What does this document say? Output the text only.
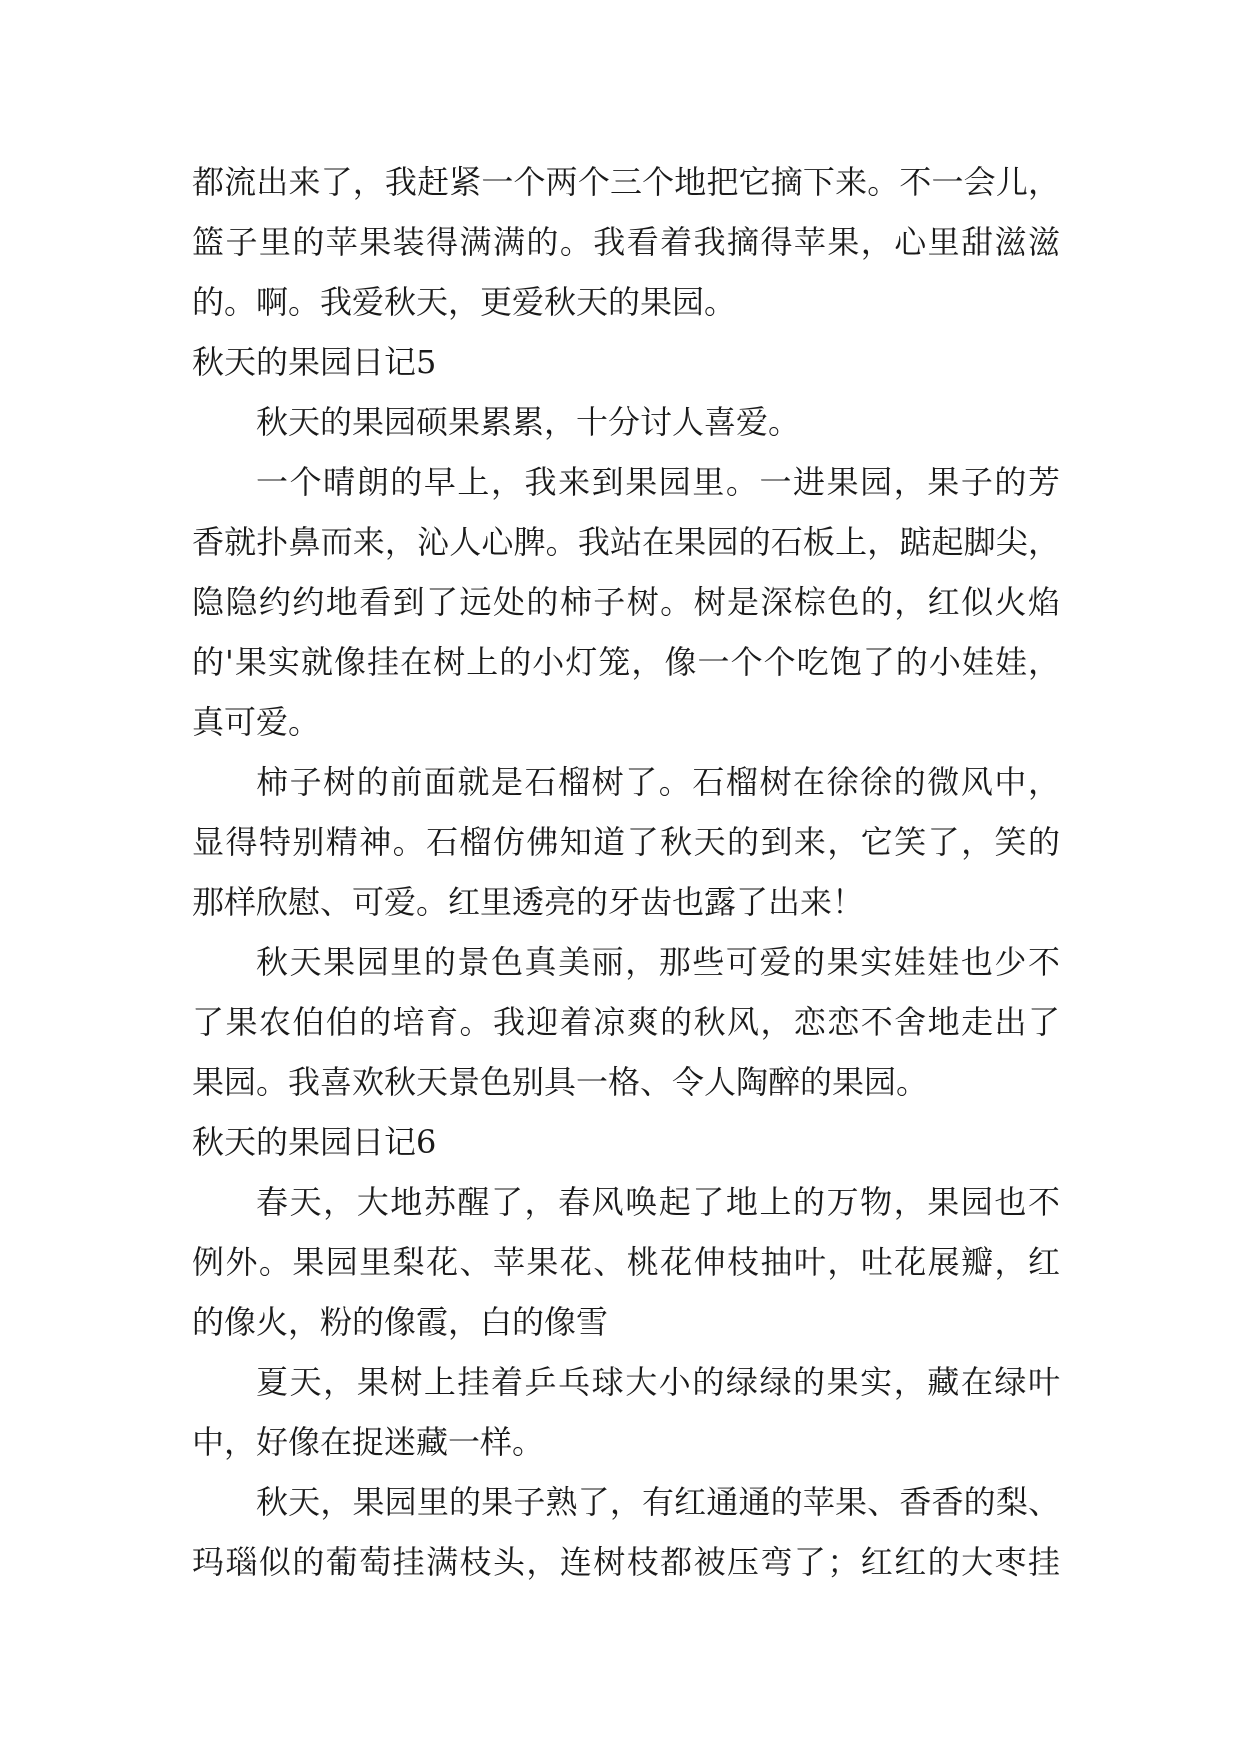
都流出来了，我赶紧一个两个三个地把它摘下来。不一会儿，
篮子里的苹果装得满满的。我看着我摘得苹果，心里甜滋滋
的。啊。我爱秋天，更爱秋天的果园。
秋天的果园日记5
秋天的果园硕果累累，十分讨人喜爱。
一个晴朗的早上，我来到果园里。一进果园，果子的芳
香就扑鼻而来，沁人心脾。我站在果园的石板上，踮起脚尖，
隐隐约约地看到了远处的柿子树。树是深棕色的，红似火焰
的'果实就像挂在树上的小灯笼，像一个个吃饱了的小娃娃，
真可爱。
柿子树的前面就是石榴树了。石榴树在徐徐的微风中，
显得特别精神。石榴仿佛知道了秋天的到来，它笑了，笑的
那样欣慰、可爱。红里透亮的牙齿也露了出来！
秋天果园里的景色真美丽，那些可爱的果实娃娃也少不
了果农伯伯的培育。我迎着凉爽的秋风，恋恋不舍地走出了
果园。我喜欢秋天景色别具一格、令人陶醉的果园。
秋天的果园日记6
春天，大地苏醒了，春风唤起了地上的万物，果园也不
例外。果园里梨花、苹果花、桃花伸枝抽叶，吐花展瓣，红
的像火，粉的像霞，白的像雪
夏天，果树上挂着乒乓球大小的绿绿的果实，藏在绿叶
中，好像在捉迷藏一样。
秋天，果园里的果子熟了，有红通通的苹果、香香的梨、
玛瑙似的葡萄挂满枝头，连树枝都被压弯了；红红的大枣挂
